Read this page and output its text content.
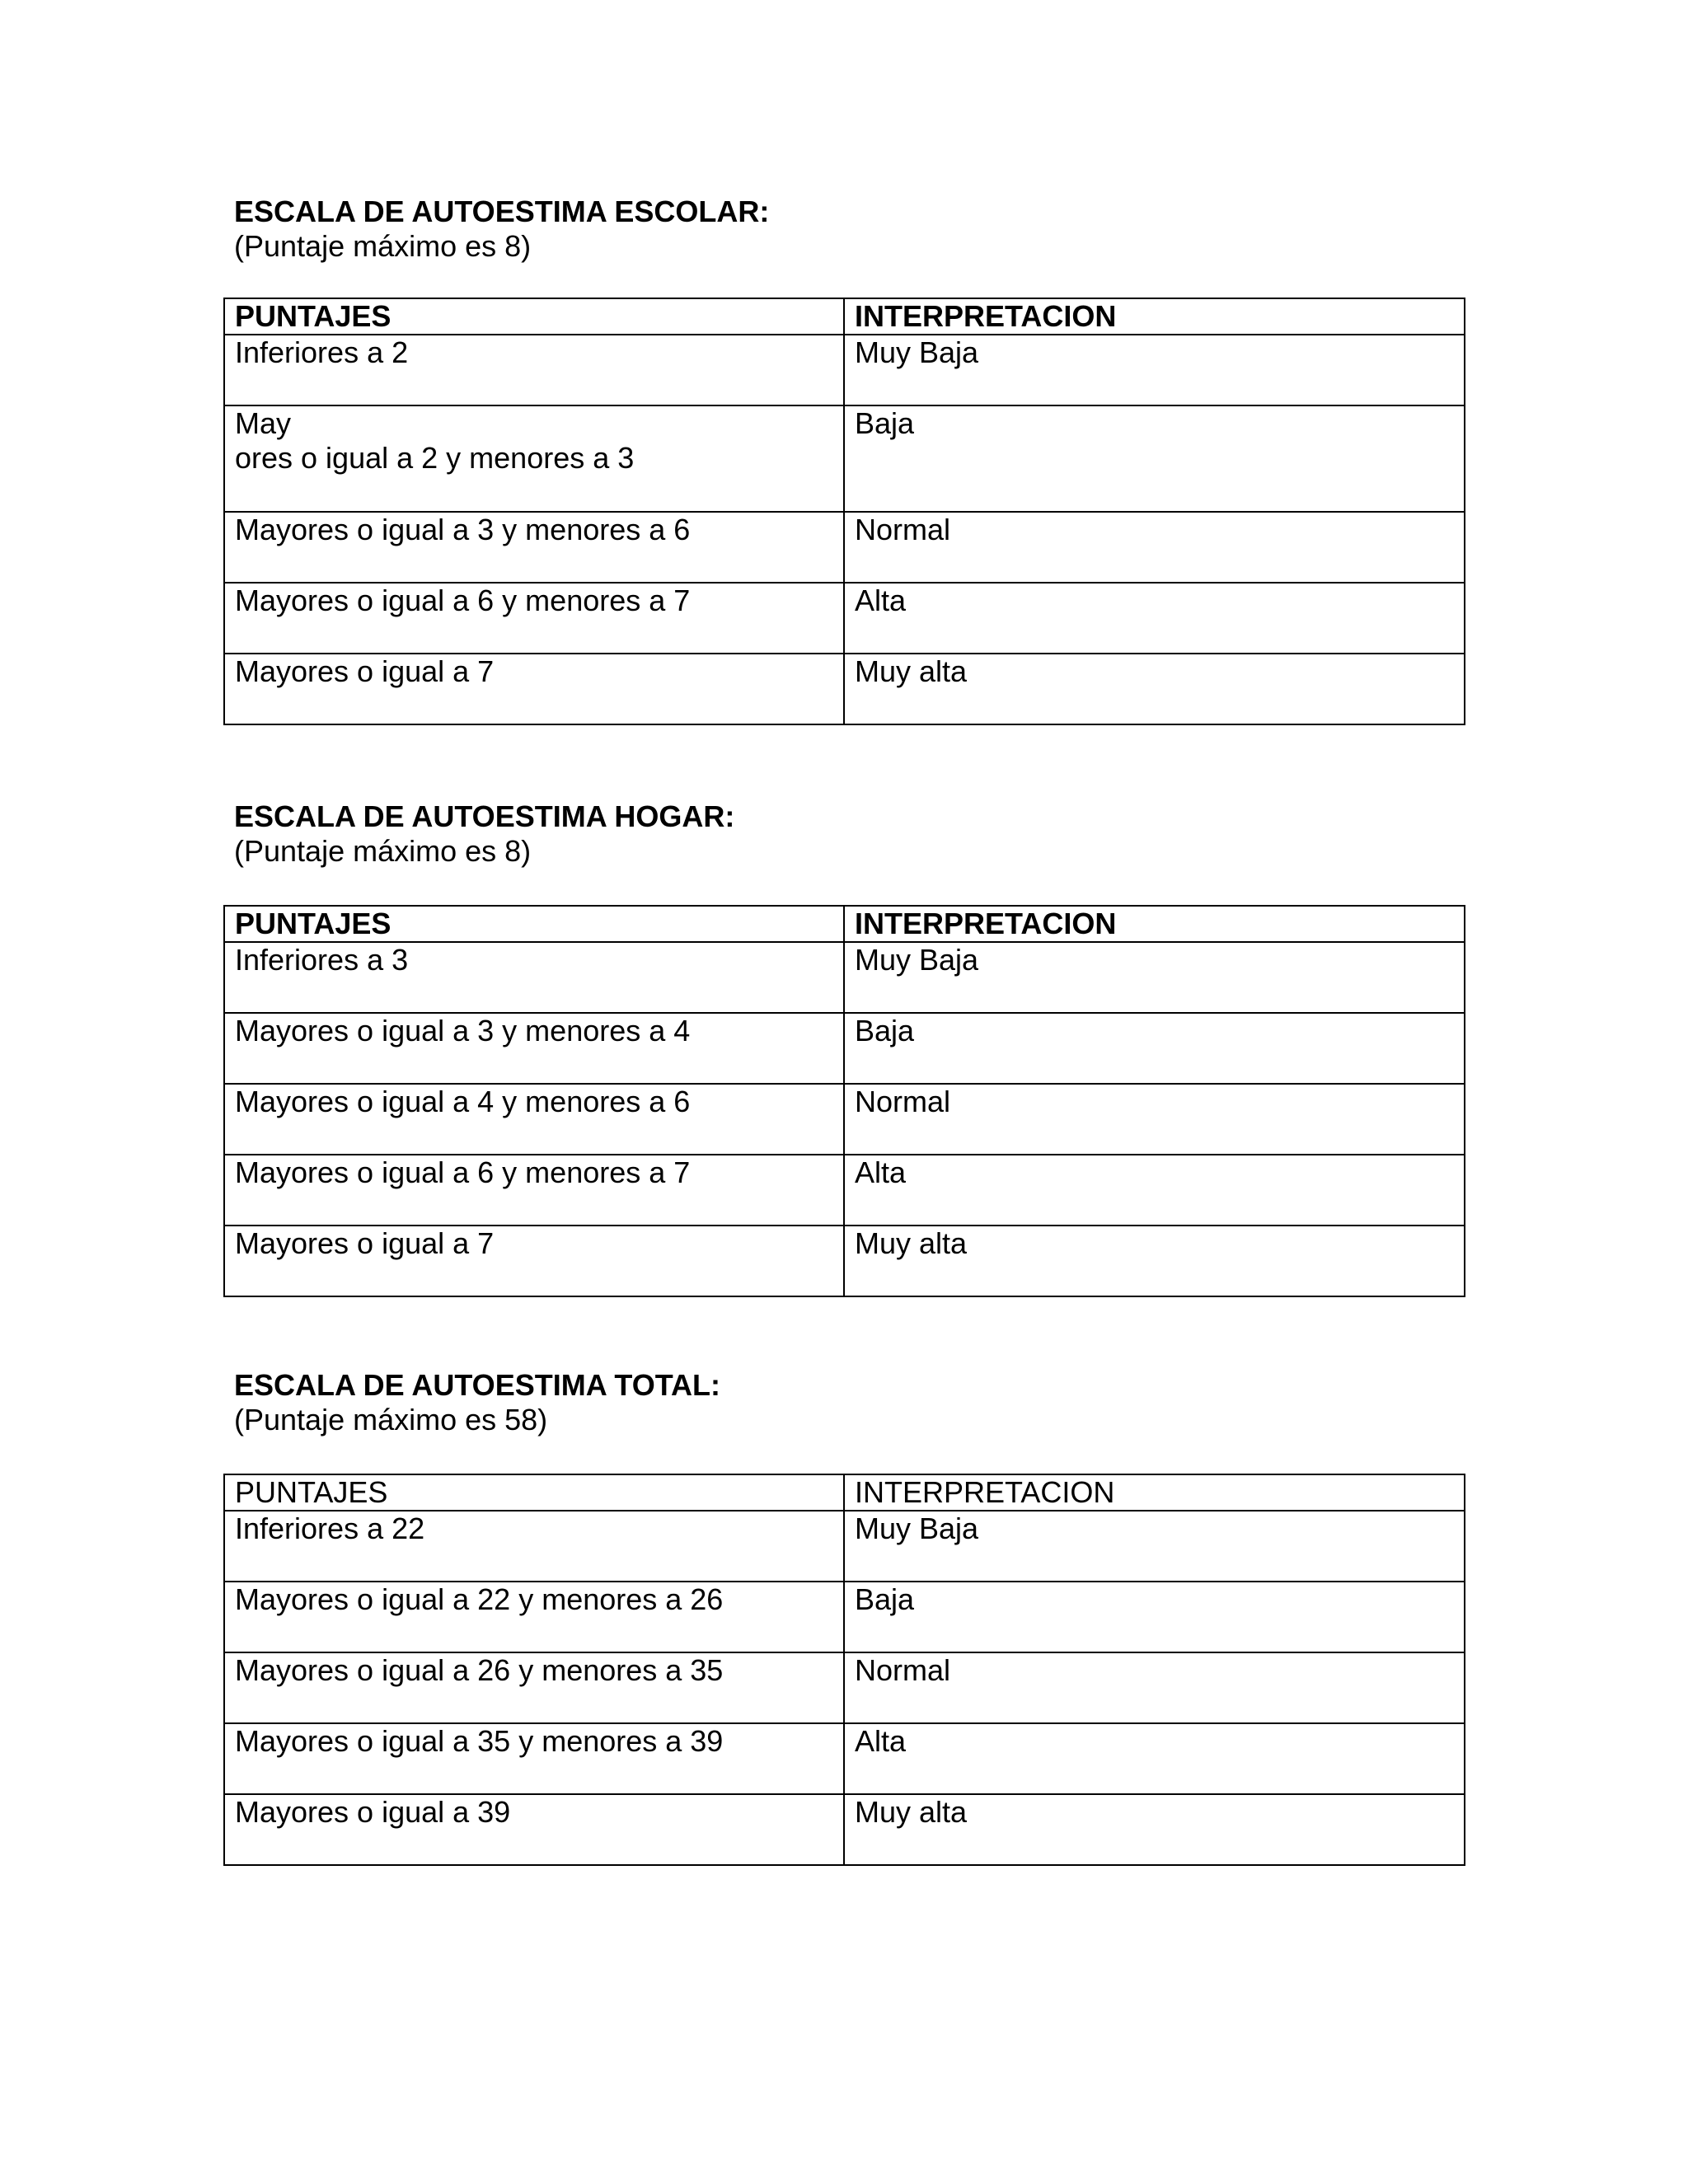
ESCALA DE AUTOESTIMA ESCOLAR:

(Puntaje máximo es 8)

PUNTAJES	INTERPRETACION
Inferiores a 2	Muy Baja

May
ores o igual a 2 y menores a 3	Baja
Mayores o igual a 3 y menores a 6	Normal
Mayores o igual a 6 y menores a 7	Alta
Mayores o igual a 7	Muy alta
ESCALA DE AUTOESTIMA HOGAR:

(Puntaje máximo es 8)

PUNTAJES	INTERPRETACION
Inferiores a 3	Muy Baja
Mayores o igual a 3 y menores a 4	Baja
Mayores o igual a 4 y menores a 6	Normal
Mayores o igual a 6 y menores a 7	Alta
Mayores o igual a 7	Muy alta
ESCALA DE AUTOESTIMA TOTAL:

(Puntaje máximo es 58)

PUNTAJES	INTERPRETACION
Inferiores a 22	Muy Baja
Mayores o igual a 22 y menores a 26	Baja
Mayores o igual a 26 y menores a 35	Normal
Mayores o igual a 35 y menores a 39	Alta
Mayores o igual a 39	Muy alta
